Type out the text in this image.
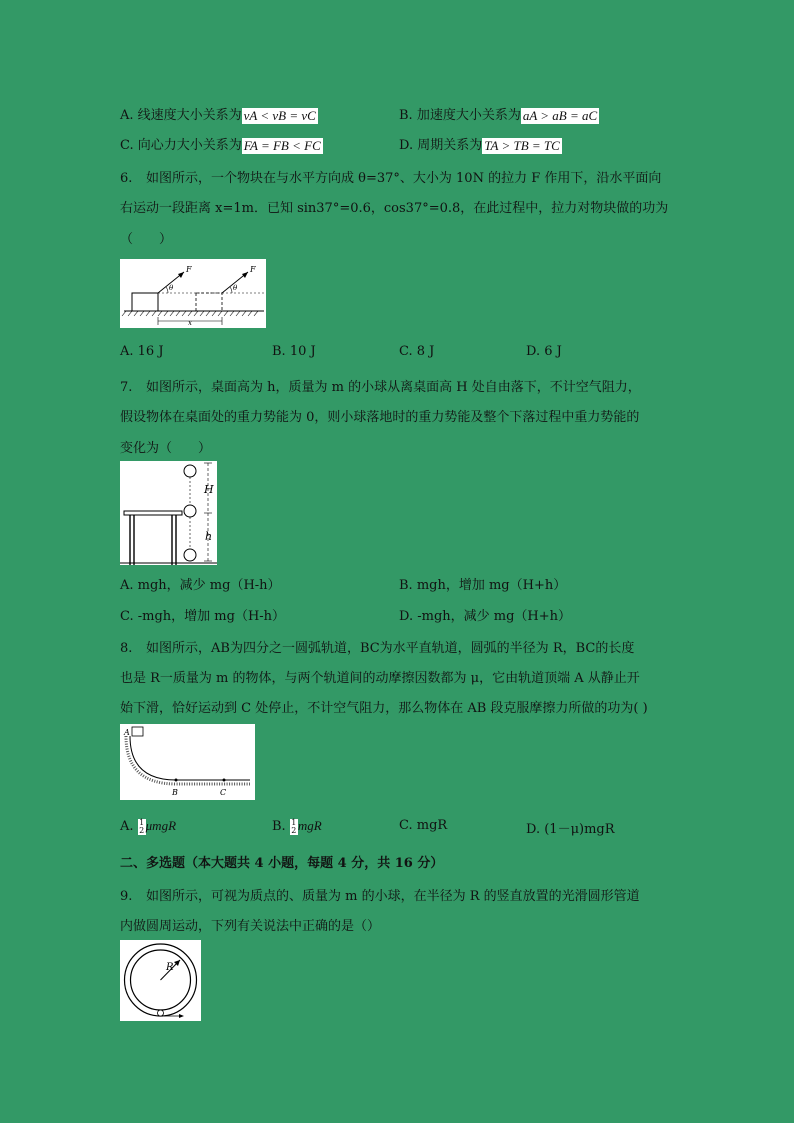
A. 线速度大小关系为 vA < vB = vC	B. 加速度大小关系为 aA > aB = aC
C. 向心力大小关系为 FA = FB < FC	D. 周期关系为 TA > TB = TC
6. 如图所示，一个物块在与水平方向成 θ=37°、大小为 10N 的拉力 F 作用下，沿水平面向
右运动一段距离 x=1m．已知 sin37°=0.6，cos37°=0.8，在此过程中，拉力对物块做的功为
（　　）
F	F
θ	θ
x
A. 16 J	B. 10 J	C. 8 J	D. 6 J
7. 如图所示，桌面高为 h，质量为 m 的小球从离桌面高 H 处自由落下，不计空气阻力，
假设物体在桌面处的重力势能为 0，则小球落地时的重力势能及整个下落过程中重力势能的
变化为（　　）
H
h
A. mgh，减少 mg（H-h）	B. mgh，增加 mg（H+h）
C. -mgh，增加 mg（H-h）	D. -mgh，减少 mg（H+h）
8. 如图所示，AB为四分之一圆弧轨道，BC为水平直轨道，圆弧的半径为 R，BC的长度
也是 R一质量为 m 的物体，与两个轨道间的动摩擦因数都为 μ，它由轨道顶端 A 从静止开
始下滑，恰好运动到 C 处停止，不计空气阻力，那么物体在 AB 段克服摩擦力所做的功为( )
A
B	C
A. 1
2μmgR	B. 1
2mgR	C. mgR	D. (1－μ)mgR
二、多选题（本大题共 4 小题，每题 4 分，共 16 分）
9. 如图所示，可视为质点的、质量为 m 的小球，在半径为 R 的竖直放置的光滑圆形管道
内做圆周运动，下列有关说法中正确的是（）
R
